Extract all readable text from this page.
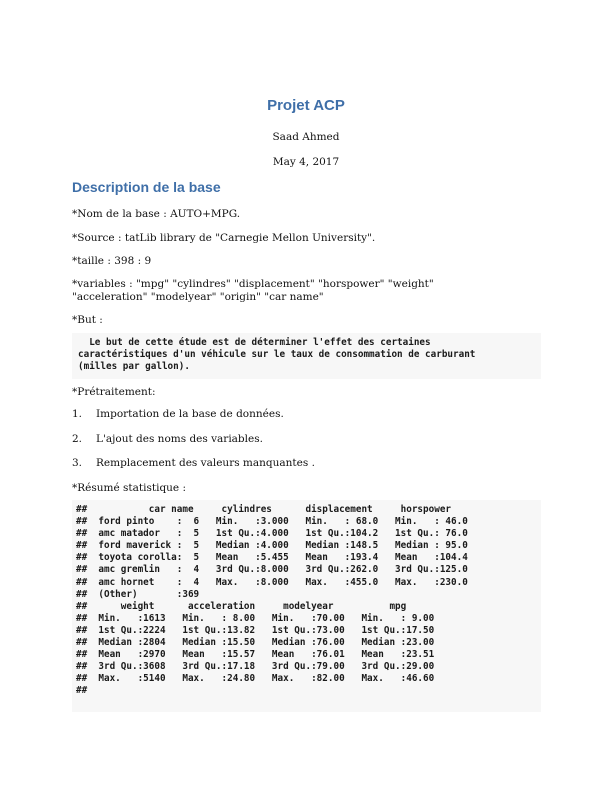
Projet ACP
Saad Ahmed
May 4, 2017
Description de la base
*Nom de la base : AUTO+MPG.
*Source : tatLib library de "Carnegie Mellon University".
*taille : 398 : 9
*variables : "mpg" "cylindres" "displacement" "horspower" "weight"
"acceleration" "modelyear" "origin" "car name"
*But :
Le but de cette étude est de déterminer l'effet des certaines
caractéristiques d'un véhicule sur le taux de consommation de carburant
(milles par gallon).
*Prétraitement:
1. Importation de la base de données.
2. L'ajout des noms des variables.
3. Remplacement des valeurs manquantes .
*Résumé statistique :
##           car name     cylindres      displacement     horspower
##  ford pinto    :  6   Min.   :3.000   Min.   : 68.0   Min.   : 46.0
##  amc matador   :  5   1st Qu.:4.000   1st Qu.:104.2   1st Qu.: 76.0
##  ford maverick :  5   Median :4.000   Median :148.5   Median : 95.0
##  toyota corolla:  5   Mean   :5.455   Mean   :193.4   Mean   :104.4
##  amc gremlin   :  4   3rd Qu.:8.000   3rd Qu.:262.0   3rd Qu.:125.0
##  amc hornet    :  4   Max.   :8.000   Max.   :455.0   Max.   :230.0
##  (Other)       :369
##      weight      acceleration     modelyear          mpg
##  Min.   :1613   Min.   : 8.00   Min.   :70.00   Min.   : 9.00
##  1st Qu.:2224   1st Qu.:13.82   1st Qu.:73.00   1st Qu.:17.50
##  Median :2804   Median :15.50   Median :76.00   Median :23.00
##  Mean   :2970   Mean   :15.57   Mean   :76.01   Mean   :23.51
##  3rd Qu.:3608   3rd Qu.:17.18   3rd Qu.:79.00   3rd Qu.:29.00
##  Max.   :5140   Max.   :24.80   Max.   :82.00   Max.   :46.60
##
